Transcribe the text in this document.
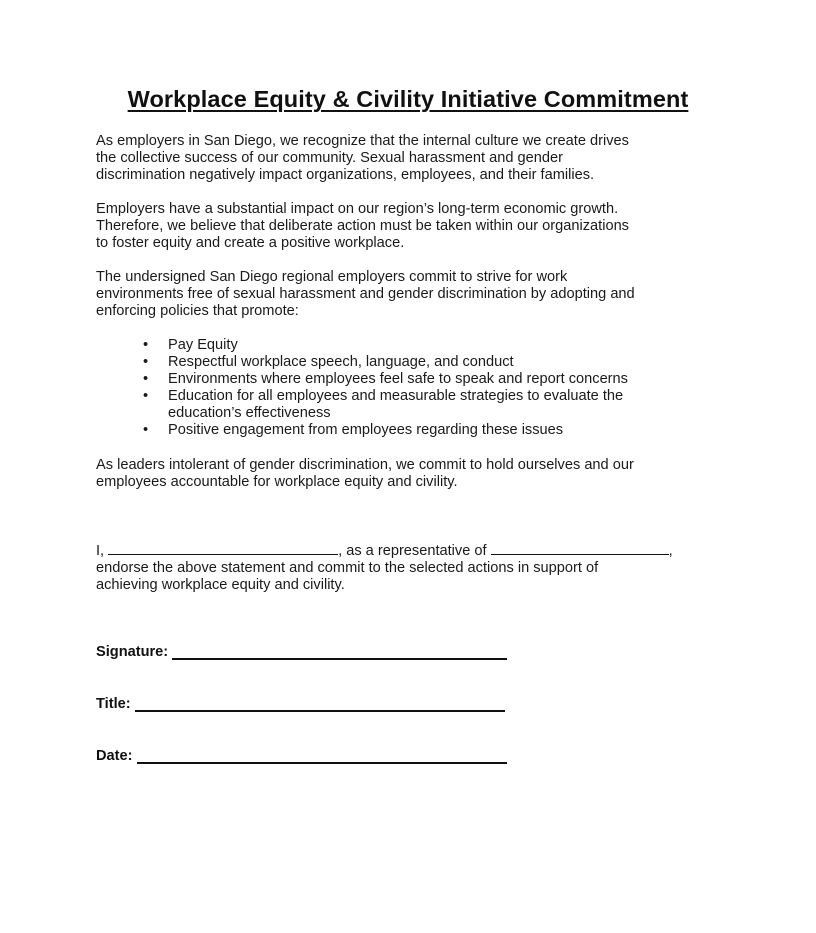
Workplace Equity & Civility Initiative Commitment

As employers in San Diego, we recognize that the internal culture we create drives
the collective success of our community. Sexual harassment and gender
discrimination negatively impact organizations, employees, and their families.

Employers have a substantial impact on our region’s long-term economic growth.
Therefore, we believe that deliberate action must be taken within our organizations
to foster equity and create a positive workplace.

The undersigned San Diego regional employers commit to strive for work
environments free of sexual harassment and gender discrimination by adopting and
enforcing policies that promote:

• Pay Equity
• Respectful workplace speech, language, and conduct
• Environments where employees feel safe to speak and report concerns
• Education for all employees and measurable strategies to evaluate the
education’s effectiveness
• Positive engagement from employees regarding these issues

As leaders intolerant of gender discrimination, we commit to hold ourselves and our
employees accountable for workplace equity and civility.

I,	, as a representative of	,
endorse the above statement and commit to the selected actions in support of
achieving workplace equity and civility.
Signature:
Title:
Date:
